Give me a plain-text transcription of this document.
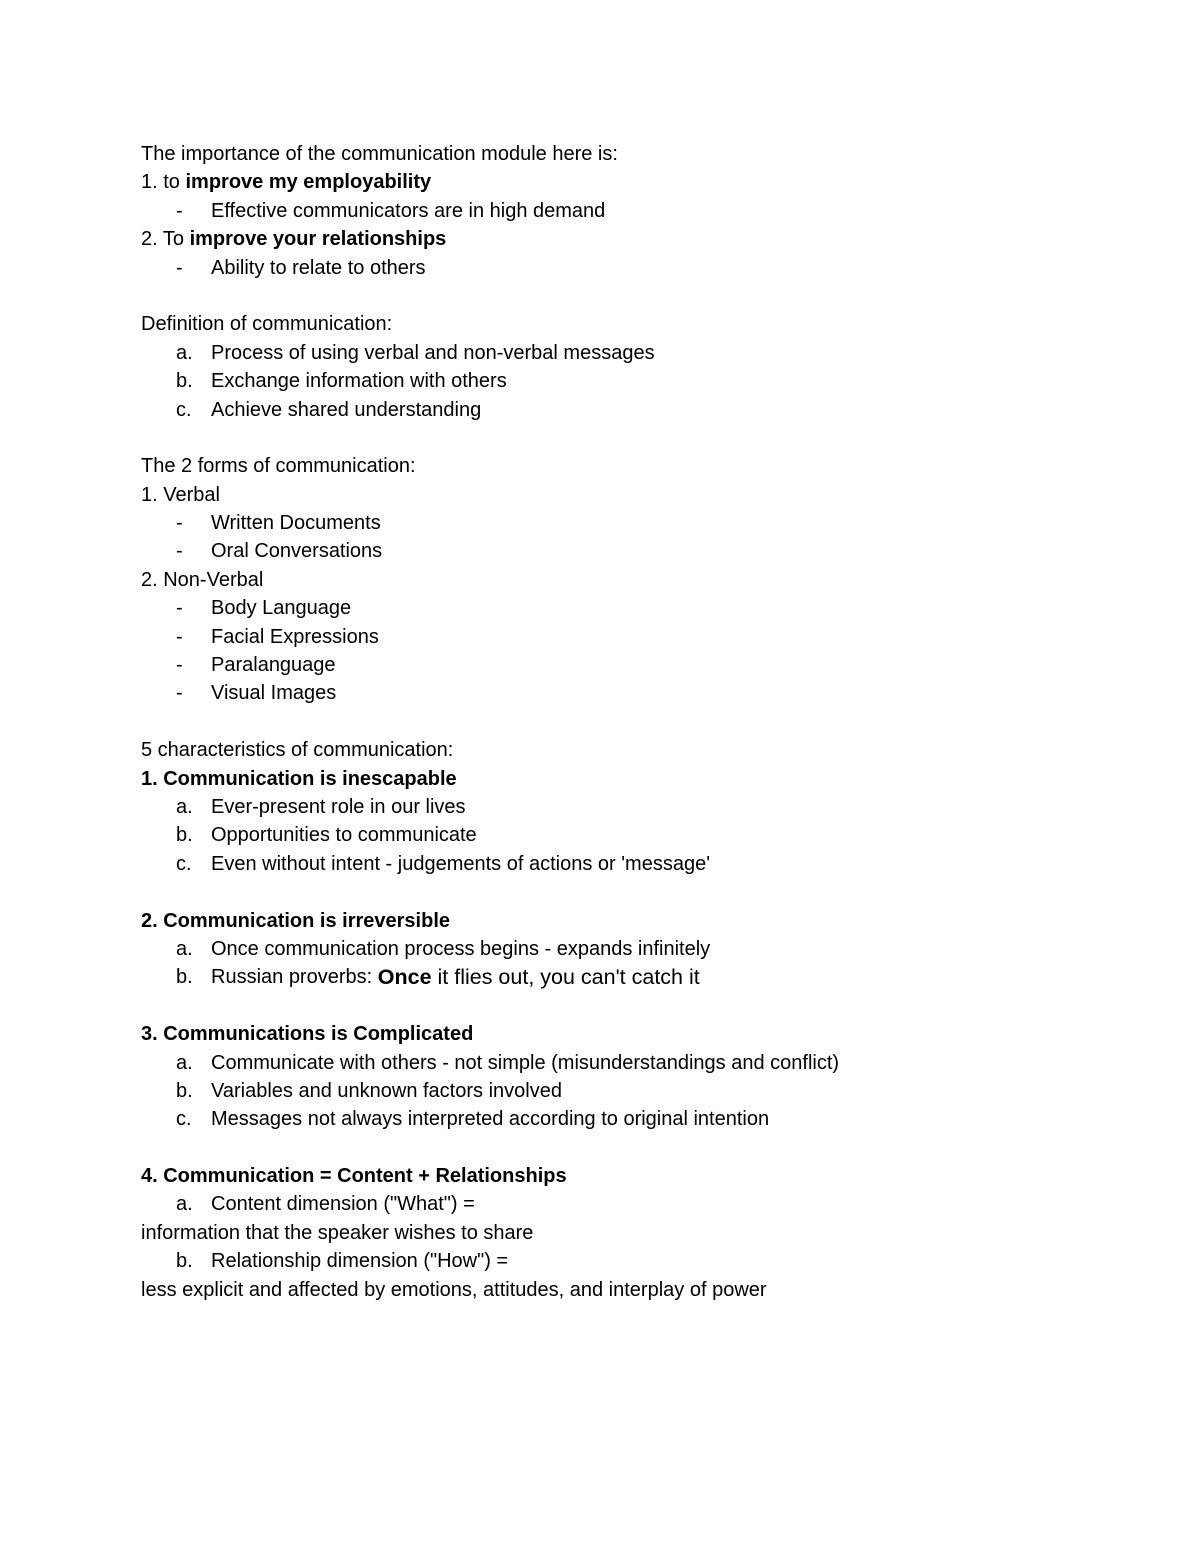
The importance of the communication module here is:
1. to improve my employability
-	Effective communicators are in high demand
2. To improve your relationships
-	Ability to relate to others
Definition of communication:
a. Process of using verbal and non-verbal messages
b. Exchange information with others
c. Achieve shared understanding
The 2 forms of communication:
1. Verbal
-	Written Documents
-	Oral Conversations
2. Non-Verbal
-	Body Language
-	Facial Expressions
-	Paralanguage
-	Visual Images
5 characteristics of communication:
1. Communication is inescapable
a. Ever-present role in our lives
b. Opportunities to communicate
c. Even without intent - judgements of actions or 'message'
2. Communication is irreversible
a. Once communication process begins - expands infinitely
b. Russian proverbs: Once it flies out, you can't catch it
3. Communications is Complicated
a. Communicate with others - not simple (misunderstandings and conflict)
b. Variables and unknown factors involved
c. Messages not always interpreted according to original intention
4. Communication = Content + Relationships
a. Content dimension ("What") =
information that the speaker wishes to share
b. Relationship dimension ("How") =
less explicit and affected by emotions, attitudes, and interplay of power
